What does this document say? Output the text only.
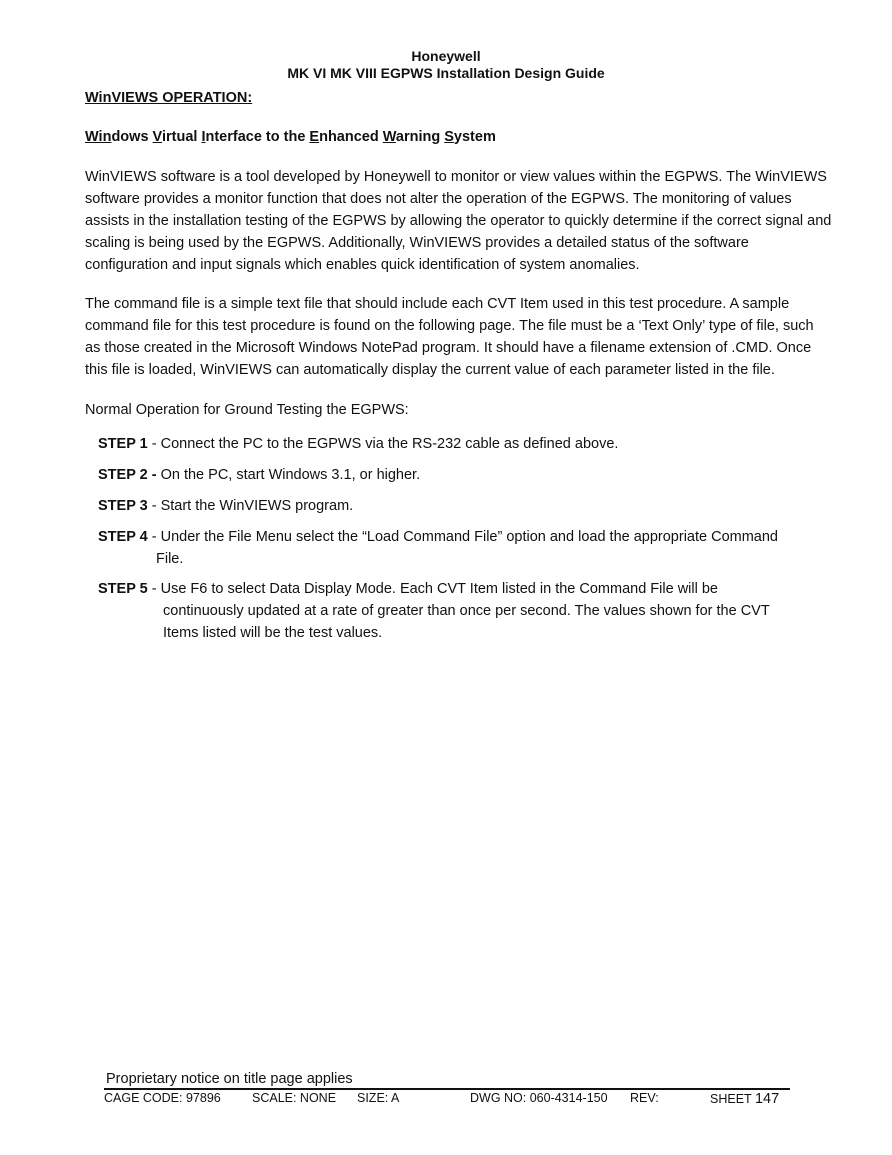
Honeywell
MK VI MK VIII EGPWS Installation Design Guide
WinVIEWS OPERATION:
Windows Virtual Interface to the Enhanced Warning System
WinVIEWS software is a tool developed by Honeywell to monitor or view values within the EGPWS. The WinVIEWS
software provides a monitor function that does not alter the operation of the EGPWS. The monitoring of values
assists in the installation testing of the EGPWS by allowing the operator to quickly determine if the correct signal and
scaling is being used by the EGPWS. Additionally, WinVIEWS provides a detailed status of the software
configuration and input signals which enables quick identification of system anomalies.
The command file is a simple text file that should include each CVT Item used in this test procedure. A sample
command file for this test procedure is found on the following page. The file must be a ‘Text Only’ type of file, such
as those created in the Microsoft Windows NotePad program. It should have a filename extension of .CMD. Once
this file is loaded, WinVIEWS can automatically display the current value of each parameter listed in the file.
Normal Operation for Ground Testing the EGPWS:
STEP 1 - Connect the PC to the EGPWS via the RS-232 cable as defined above.
STEP 2 - On the PC, start Windows 3.1, or higher.
STEP 3 - Start the WinVIEWS program.
STEP 4 - Under the File Menu select the “Load Command File” option and load the appropriate Command
File.
STEP 5 - Use F6 to select Data Display Mode. Each CVT Item listed in the Command File will be
continuously updated at a rate of greater than once per second. The values shown for the CVT
Items listed will be the test values.
Proprietary notice on title page applies
CAGE CODE: 97896	SCALE: NONE SIZE: A	DWG NO: 060-4314-150 REV:	SHEET 147
